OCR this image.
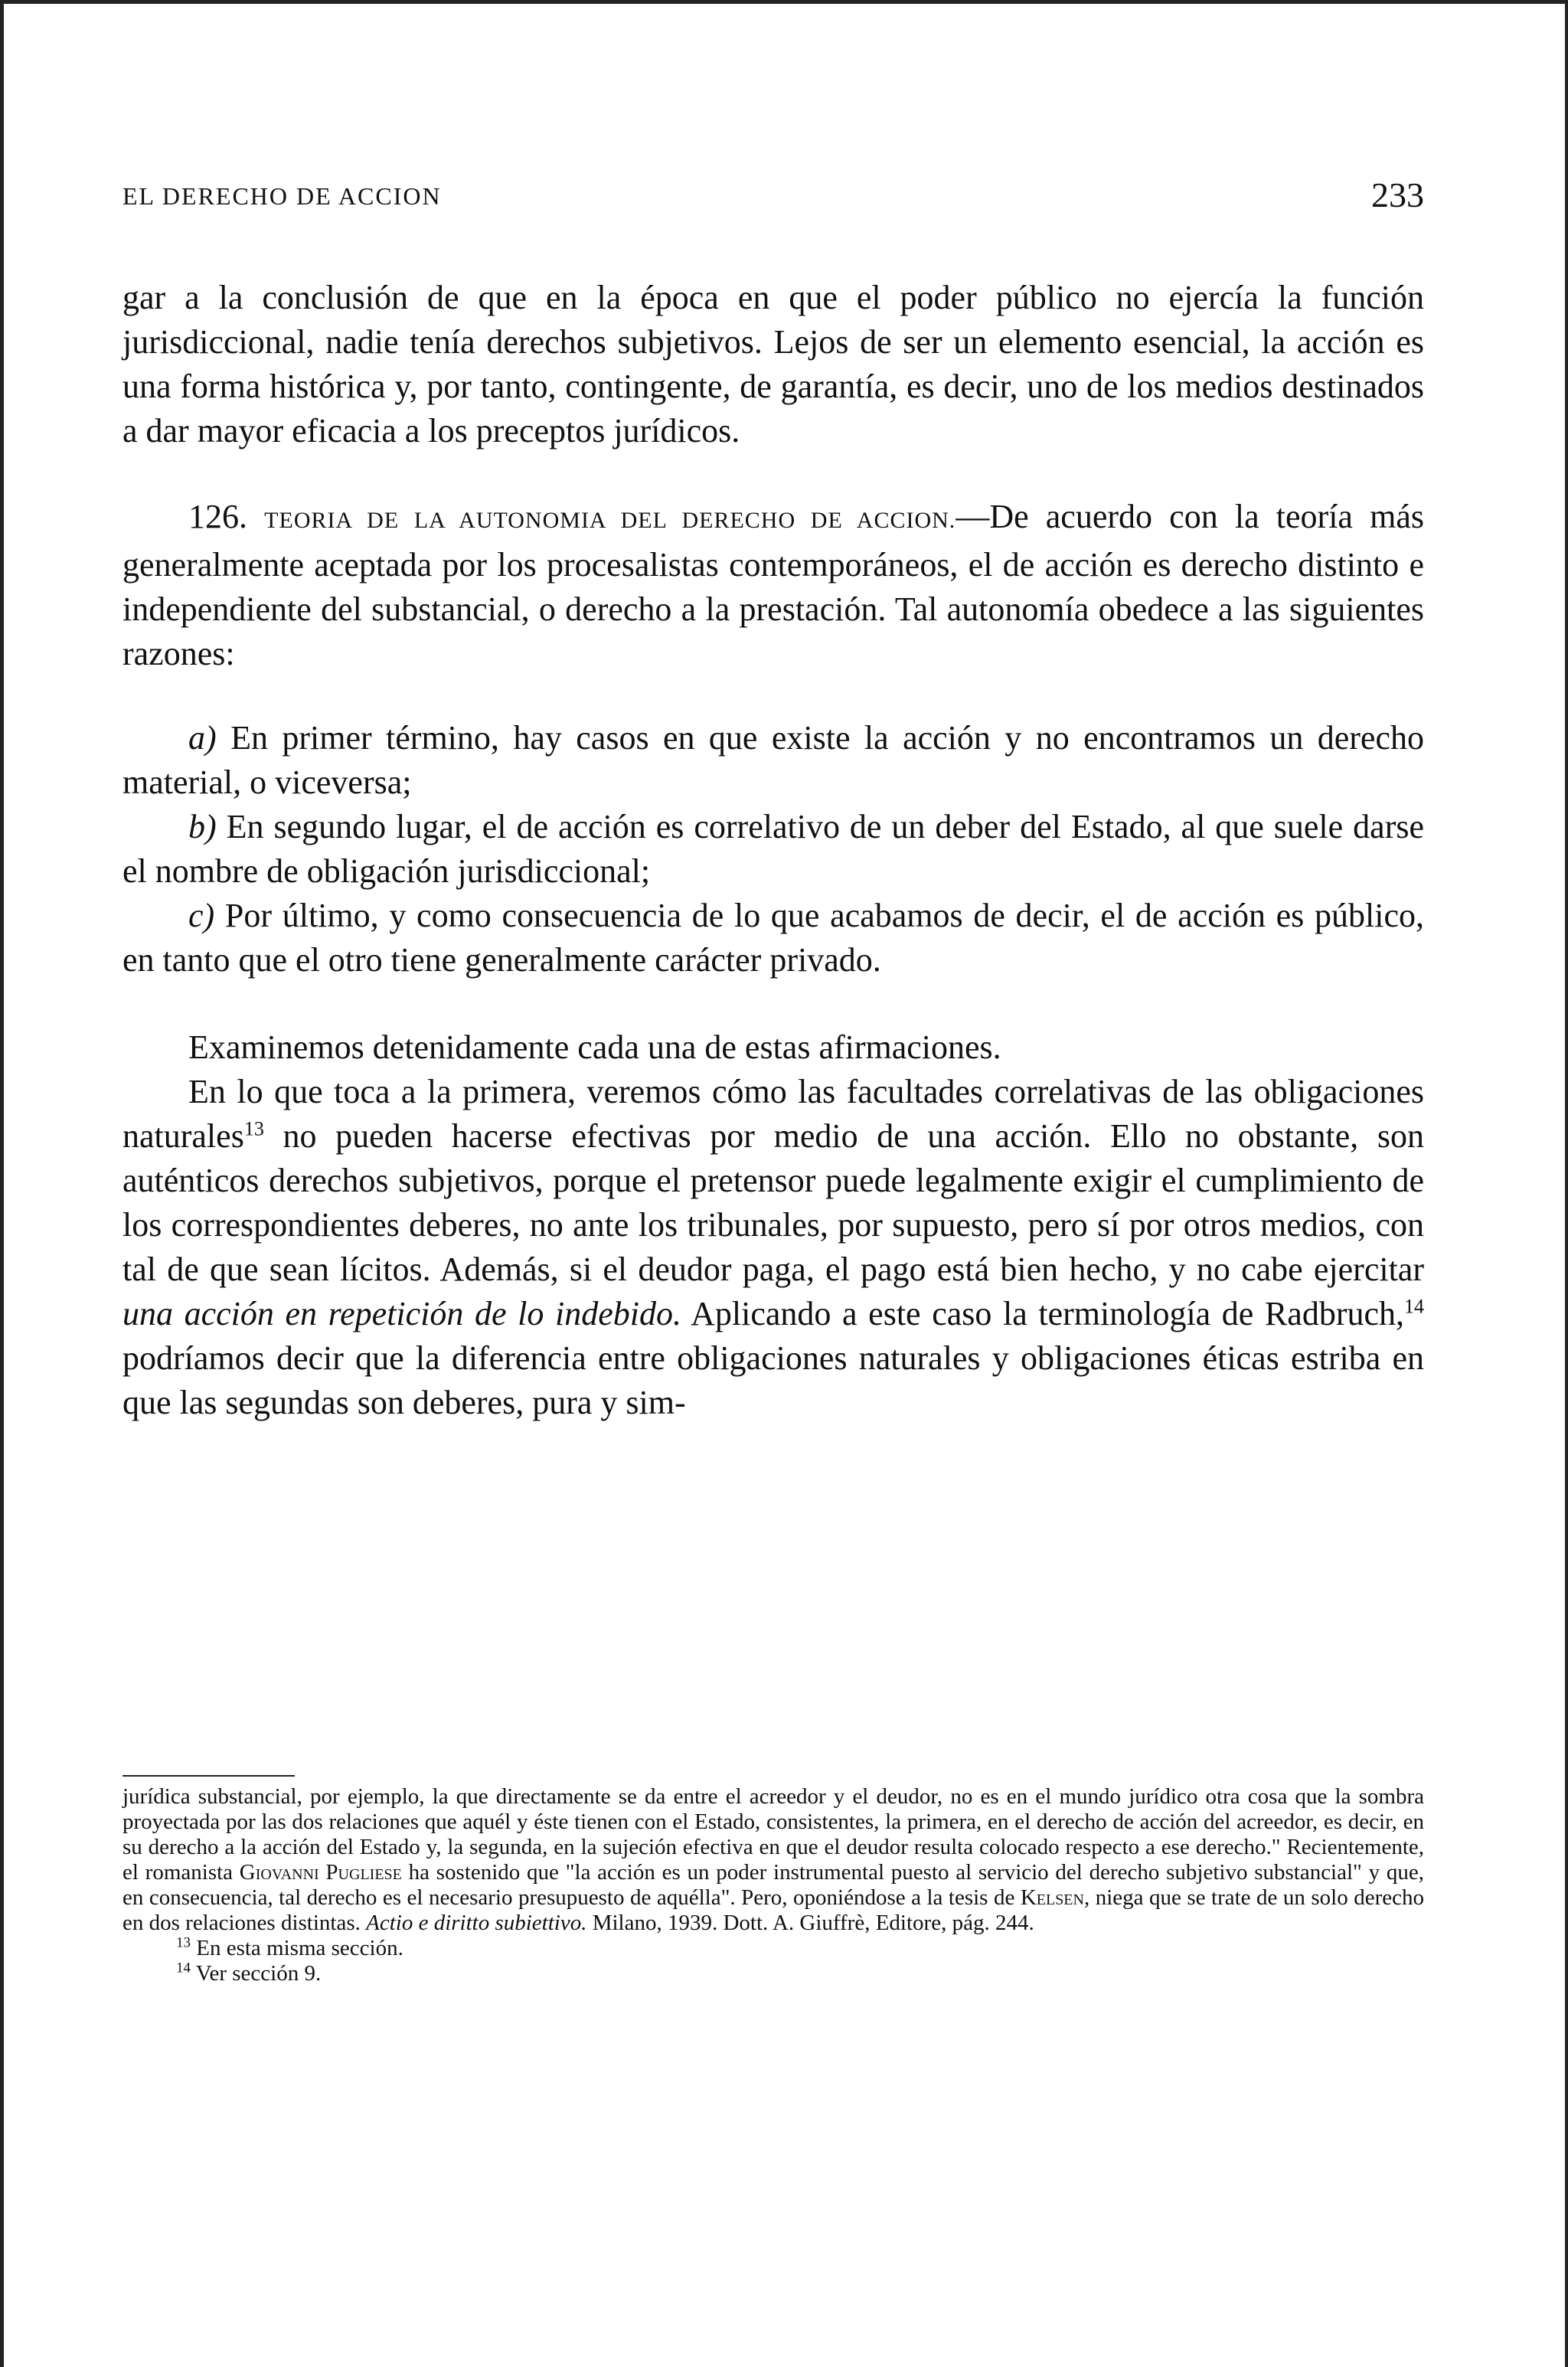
EL DERECHO DE ACCION	233

gar a la conclusión de que en la época en que el poder público no ejercía la función jurisdiccional, nadie tenía derechos subjetivos. Lejos de ser un elemento esencial, la acción es una forma histórica y, por tanto, contingente, de garantía, es decir, uno de los medios destinados a dar mayor eficacia a los preceptos jurídicos.

126. TEORIA DE LA AUTONOMIA DEL DERECHO DE ACCION.—De acuerdo con la teoría más generalmente aceptada por los procesalistas contemporáneos, el de acción es derecho distinto e independiente del substancial, o derecho a la prestación. Tal autonomía obedece a las siguientes razones:

a) En primer término, hay casos en que existe la acción y no encontramos un derecho material, o viceversa;

b) En segundo lugar, el de acción es correlativo de un deber del Estado, al que suele darse el nombre de obligación jurisdiccional;

c) Por último, y como consecuencia de lo que acabamos de decir, el de acción es público, en tanto que el otro tiene generalmente carácter privado.

Examinemos detenidamente cada una de estas afirmaciones.

En lo que toca a la primera, veremos cómo las facultades correlativas de las obligaciones naturales$^{13}$ no pueden hacerse efectivas por medio de una acción. Ello no obstante, son auténticos derechos subjetivos, porque el pretensor puede legalmente exigir el cumplimiento de los correspondientes deberes, no ante los tribunales, por supuesto, pero sí por otros medios, con tal de que sean lícitos. Además, si el deudor paga, el pago está bien hecho, y no cabe ejercitar una acción en repetición de lo indebido. Aplicando a este caso la terminología de Radbruch,$^{14}$ podríamos decir que la diferencia entre obligaciones naturales y obligaciones éticas estriba en que las segundas son deberes, pura y sim-

jurídica substancial, por ejemplo, la que directamente se da entre el acreedor y el deudor, no es en el mundo jurídico otra cosa que la sombra proyectada por las dos relaciones que aquél y éste tienen con el Estado, consistentes, la primera, en el derecho de acción del acreedor, es decir, en su derecho a la acción del Estado y, la segunda, en la sujeción efectiva en que el deudor resulta colocado respecto a ese derecho." Recientemente, el romanista Giovanni Pugliese ha sostenido que "la acción es un poder instrumental puesto al servicio del derecho subjetivo substancial" y que, en consecuencia, tal derecho es el necesario presupuesto de aquélla". Pero, oponiéndose a la tesis de Kelsen, niega que se trate de un solo derecho en dos relaciones distintas. Actio e diritto subiettivo. Milano, 1939. Dott. A. Giuffrè, Editore, pág. 244.

$^{13}$ En esta misma sección.

$^{14}$ Ver sección 9.
